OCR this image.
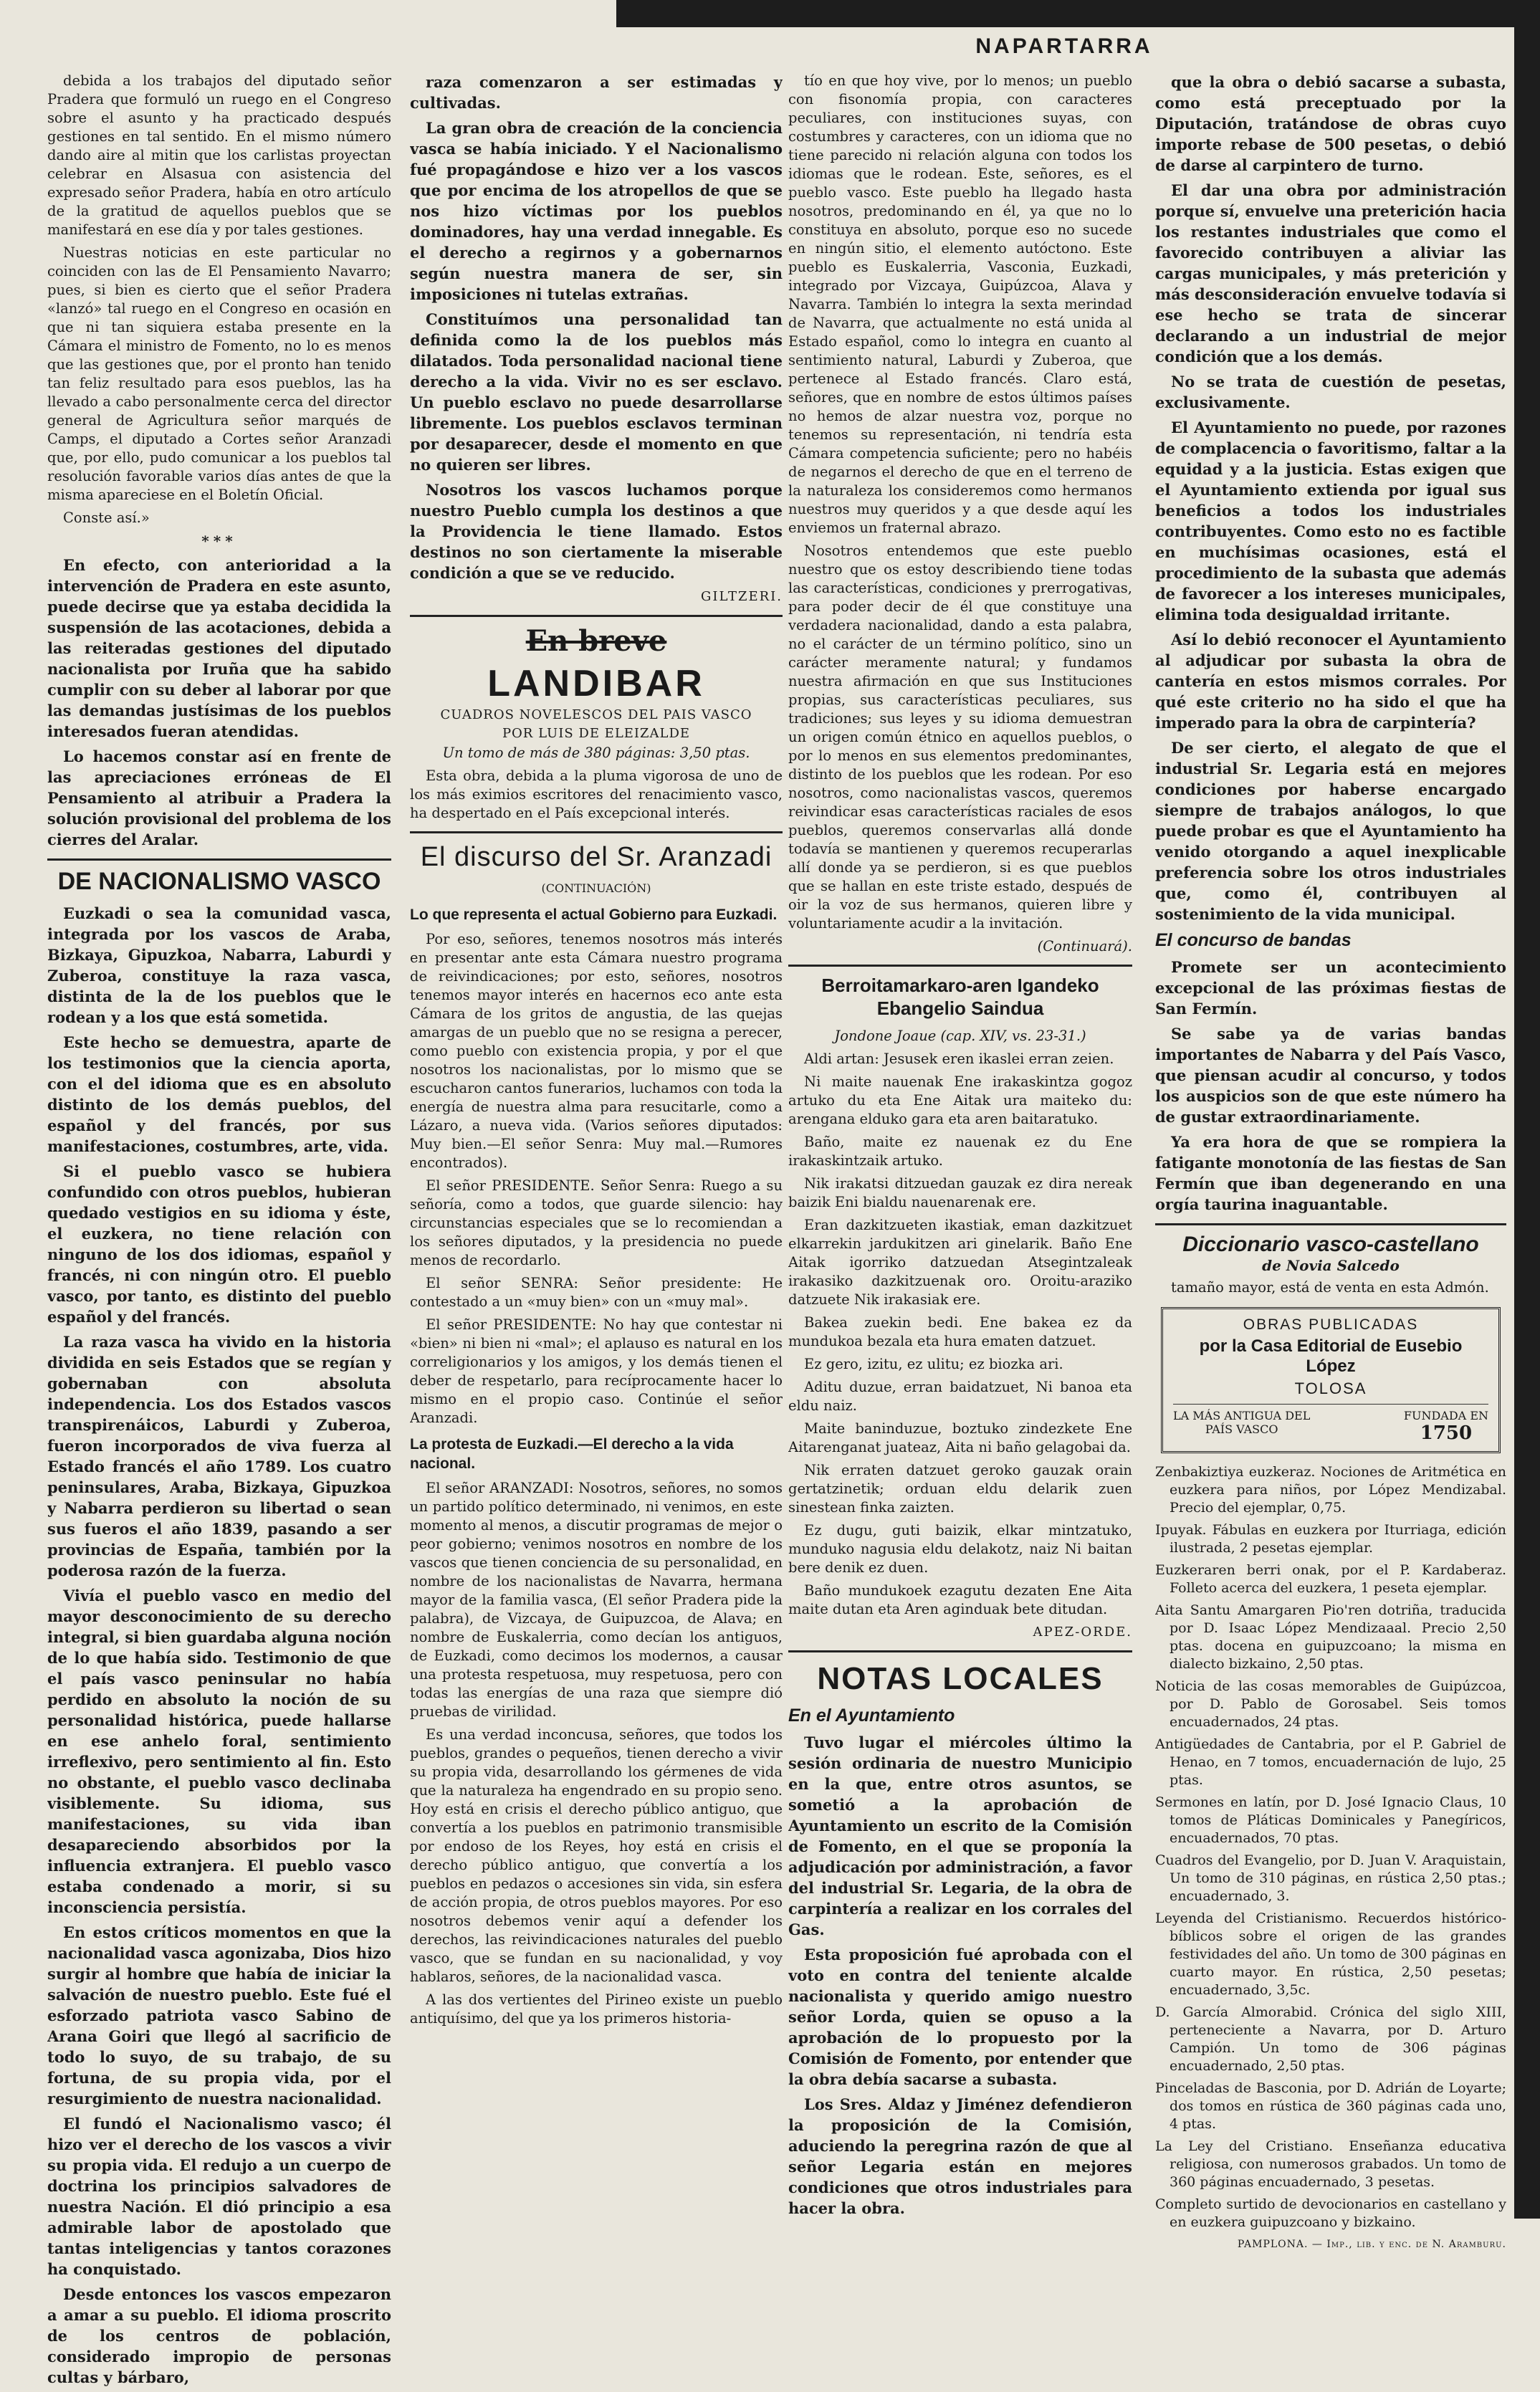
NAPARTARRA

debida a los trabajos del diputado señor Pradera que formuló un ruego en el Congreso sobre el asunto y ha practicado después gestiones en tal sentido. En el mismo número dando aire al mitin que los carlistas proyectan celebrar en Alsasua con asistencia del expresado señor Pradera, había en otro artículo de la gratitud de aquellos pueblos que se manifestará en ese día y por tales gestiones.

Nuestras noticias en este particular no coinciden con las de El Pensamiento Navarro; pues, si bien es cierto que el señor Pradera «lanzó» tal ruego en el Congreso en ocasión en que ni tan siquiera estaba presente en la Cámara el ministro de Fomento, no lo es menos que las gestiones que, por el pronto han tenido tan feliz resultado para esos pueblos, las ha llevado a cabo personalmente cerca del director general de Agricultura señor marqués de Camps, el diputado a Cortes señor Aranzadi que, por ello, pudo comunicar a los pueblos tal resolución favorable varios días antes de que la misma apareciese en el Boletín Oficial.

Conste así.»

***

En efecto, con anterioridad a la intervención de Pradera en este asunto, puede decirse que ya estaba decidida la suspensión de las acotaciones, debida a las reiteradas gestiones del diputado nacionalista por Iruña que ha sabido cumplir con su deber al laborar por que las demandas justísimas de los pueblos interesados fueran atendidas.

Lo hacemos constar así en frente de las apreciaciones erróneas de El Pensamiento al atribuir a Pradera la solución provisional del problema de los cierres del Aralar.

DE NACIONALISMO VASCO

Euzkadi o sea la comunidad vasca, integrada por los vascos de Araba, Bizkaya, Gipuzkoa, Nabarra, Laburdi y Zuberoa, constituye la raza vasca, distinta de la de los pueblos que le rodean y a los que está sometida.

Este hecho se demuestra, aparte de los testimonios que la ciencia aporta, con el del idioma que es en absoluto distinto de los demás pueblos, del español y del francés, por sus manifestaciones, costumbres, arte, vida.

Si el pueblo vasco se hubiera confundido con otros pueblos, hubieran quedado vestigios en su idioma y éste, el euzkera, no tiene relación con ninguno de los dos idiomas, español y francés, ni con ningún otro. El pueblo vasco, por tanto, es distinto del pueblo español y del francés.

La raza vasca ha vivido en la historia dividida en seis Estados que se regían y gobernaban con absoluta independencia. Los dos Estados vascos transpirenáicos, Laburdi y Zuberoa, fueron incorporados de viva fuerza al Estado francés el año 1789. Los cuatro peninsulares, Araba, Bizkaya, Gipuzkoa y Nabarra perdieron su libertad o sean sus fueros el año 1839, pasando a ser provincias de España, también por la poderosa razón de la fuerza.

Vivía el pueblo vasco en medio del mayor desconocimiento de su derecho integral, si bien guardaba alguna noción de lo que había sido. Testimonio de que el país vasco peninsular no había perdido en absoluto la noción de su personalidad histórica, puede hallarse en ese anhelo foral, sentimiento irreflexivo, pero sentimiento al fin. Esto no obstante, el pueblo vasco declinaba visiblemente. Su idioma, sus manifestaciones, su vida iban desapareciendo absorbidos por la influencia extranjera. El pueblo vasco estaba condenado a morir, si su inconsciencia persistía.

En estos críticos momentos en que la nacionalidad vasca agonizaba, Dios hizo surgir al hombre que había de iniciar la salvación de nuestro pueblo. Este fué el esforzado patriota vasco Sabino de Arana Goiri que llegó al sacrificio de todo lo suyo, de su trabajo, de su fortuna, de su propia vida, por el resurgimiento de nuestra nacionalidad.

El fundó el Nacionalismo vasco; él hizo ver el derecho de los vascos a vivir su propia vida. El redujo a un cuerpo de doctrina los principios salvadores de nuestra Nación. El dió principio a esa admirable labor de apostolado que tantas inteligencias y tantos corazones ha conquistado.

Desde entonces los vascos empezaron a amar a su pueblo. El idioma proscrito de los centros de población, considerado impropio de personas cultas y bárbaro,

raza comenzaron a ser estimadas y cultivadas.

La gran obra de creación de la conciencia vasca se había iniciado. Y el Nacionalismo fué propagándose e hizo ver a los vascos que por encima de los atropellos de que se nos hizo víctimas por los pueblos dominadores, hay una verdad innegable. Es el derecho a regirnos y a gobernarnos según nuestra manera de ser, sin imposiciones ni tutelas extrañas.

Constituímos una personalidad tan definida como la de los pueblos más dilatados. Toda personalidad nacional tiene derecho a la vida. Vivir no es ser esclavo. Un pueblo esclavo no puede desarrollarse libremente. Los pueblos esclavos terminan por desaparecer, desde el momento en que no quieren ser libres.

Nosotros los vascos luchamos porque nuestro Pueblo cumpla los destinos a que la Providencia le tiene llamado. Estos destinos no son ciertamente la miserable condición a que se ve reducido.

GILTZERI.

En breve
LANDIBAR

CUADROS NOVELESCOS DEL PAIS VASCO

POR LUIS DE ELEIZALDE

Un tomo de más de 380 páginas: 3,50 ptas.

Esta obra, debida a la pluma vigorosa de uno de los más eximios escritores del renacimiento vasco, ha despertado en el País excepcional interés.

El discurso del Sr. Aranzadi

(CONTINUACIÓN)

Lo que representa el actual Gobierno para Euzkadi.

Por eso, señores, tenemos nosotros más interés en presentar ante esta Cámara nuestro programa de reivindicaciones; por esto, señores, nosotros tenemos mayor interés en hacernos eco ante esta Cámara de los gritos de angustia, de las quejas amargas de un pueblo que no se resigna a perecer, como pueblo con existencia propia, y por el que nosotros los nacionalistas, por lo mismo que se escucharon cantos funerarios, luchamos con toda la energía de nuestra alma para resucitarle, como a Lázaro, a nueva vida. (Varios señores diputados: Muy bien.—El señor Senra: Muy mal.—Rumores encontrados).

El señor PRESIDENTE. Señor Senra: Ruego a su señoría, como a todos, que guarde silencio: hay circunstancias especiales que se lo recomiendan a los señores diputados, y la presidencia no puede menos de recordarlo.

El señor SENRA: Señor presidente: He contestado a un «muy bien» con un «muy mal».

El señor PRESIDENTE: No hay que contestar ni «bien» ni bien ni «mal»; el aplauso es natural en los correligionarios y los amigos, y los demás tienen el deber de respetarlo, para recíprocamente hacer lo mismo en el propio caso. Continúe el señor Aranzadi.

La protesta de Euzkadi.—El derecho a la vida nacional.

El señor ARANZADI: Nosotros, señores, no somos un partido político determinado, ni venimos, en este momento al menos, a discutir programas de mejor o peor gobierno; venimos nosotros en nombre de los vascos que tienen conciencia de su personalidad, en nombre de los nacionalistas de Navarra, hermana mayor de la familia vasca, (El señor Pradera pide la palabra), de Vizcaya, de Guipuzcoa, de Alava; en nombre de Euskalerria, como decían los antiguos, de Euzkadi, como decimos los modernos, a causar una protesta respetuosa, muy respetuosa, pero con todas las energías de una raza que siempre dió pruebas de virilidad.

Es una verdad inconcusa, señores, que todos los pueblos, grandes o pequeños, tienen derecho a vivir su propia vida, desarrollando los gérmenes de vida que la naturaleza ha engendrado en su propio seno. Hoy está en crisis el derecho público antiguo, que convertía a los pueblos en patrimonio transmisible por endoso de los Reyes, hoy está en crisis el derecho público antiguo, que convertía a los pueblos en pedazos o accesiones sin vida, sin esfera de acción propia, de otros pueblos mayores. Por eso nosotros debemos venir aquí a defender los derechos, las reivindicaciones naturales del pueblo vasco, que se fundan en su nacionalidad, y voy hablaros, señores, de la nacionalidad vasca.

A las dos vertientes del Pirineo existe un pueblo antiquísimo, del que ya los primeros historia-

tío en que hoy vive, por lo menos; un pueblo con fisonomía propia, con caracteres peculiares, con instituciones suyas, con costumbres y caracteres, con un idioma que no tiene parecido ni relación alguna con todos los idiomas que le rodean. Este, señores, es el pueblo vasco. Este pueblo ha llegado hasta nosotros, predominando en él, ya que no lo constituya en absoluto, porque eso no sucede en ningún sitio, el elemento autóctono. Este pueblo es Euskalerria, Vasconia, Euzkadi, integrado por Vizcaya, Guipúzcoa, Alava y Navarra. También lo integra la sexta merindad de Navarra, que actualmente no está unida al Estado español, como lo integra en cuanto al sentimiento natural, Laburdi y Zuberoa, que pertenece al Estado francés. Claro está, señores, que en nombre de estos últimos países no hemos de alzar nuestra voz, porque no tenemos su representación, ni tendría esta Cámara competencia suficiente; pero no habéis de negarnos el derecho de que en el terreno de la naturaleza los consideremos como hermanos nuestros muy queridos y a que desde aquí les enviemos un fraternal abrazo.

Nosotros entendemos que este pueblo nuestro que os estoy describiendo tiene todas las características, condiciones y prerrogativas, para poder decir de él que constituye una verdadera nacionalidad, dando a esta palabra, no el carácter de un término político, sino un carácter meramente natural; y fundamos nuestra afirmación en que sus Instituciones propias, sus características peculiares, sus tradiciones; sus leyes y su idioma demuestran un origen común étnico en aquellos pueblos, o por lo menos en sus elementos predominantes, distinto de los pueblos que les rodean. Por eso nosotros, como nacionalistas vascos, queremos reivindicar esas características raciales de esos pueblos, queremos conservarlas allá donde todavía se mantienen y queremos recuperarlas allí donde ya se perdieron, si es que pueblos que se hallan en este triste estado, después de oir la voz de sus hermanos, quieren libre y voluntariamente acudir a la invitación.

(Continuará).

Berroitamarkaro-aren Igandeko Ebangelio Saindua

Jondone Joaue (cap. XIV, vs. 23-31.)

Aldi artan: Jesusek eren ikaslei erran zeien.

Ni maite nauenak Ene irakaskintza gogoz artuko du eta Ene Aitak ura maiteko du: arengana elduko gara eta aren baitaratuko.

Baño, maite ez nauenak ez du Ene irakaskintzaik artuko.

Nik irakatsi ditzuedan gauzak ez dira nereak baizik Eni bialdu nauenarenak ere.

Eran dazkitzueten ikastiak, eman dazkitzuet elkarrekin jardukitzen ari ginelarik. Baño Ene Aitak igorriko datzuedan Atsegintzaleak irakasiko dazkitzuenak oro. Oroitu-araziko datzuete Nik irakasiak ere.

Bakea zuekin bedi. Ene bakea ez da mundukoa bezala eta hura ematen datzuet.

Ez gero, izitu, ez ulitu; ez biozka ari.

Aditu duzue, erran baidatzuet, Ni banoa eta eldu naiz.

Maite baninduzue, boztuko zindezkete Ene Aitarenganat juateaz, Aita ni baño gelagobai da.

Nik erraten datzuet geroko gauzak orain gertatzinetik; orduan eldu delarik zuen sinestean finka zaizten.

Ez dugu, guti baizik, elkar mintzatuko, munduko nagusia eldu delakotz, naiz Ni baitan bere denik ez duen.

Baño mundukoek ezagutu dezaten Ene Aita maite dutan eta Aren aginduak bete ditudan.

APEZ-ORDE.

NOTAS LOCALES
En el Ayuntamiento

Tuvo lugar el miércoles último la sesión ordinaria de nuestro Municipio en la que, entre otros asuntos, se sometió a la aprobación de Ayuntamiento un escrito de la Comisión de Fomento, en el que se proponía la adjudicación por administración, a favor del industrial Sr. Legaria, de la obra de carpintería a realizar en los corrales del Gas.

Esta proposición fué aprobada con el voto en contra del teniente alcalde nacionalista y querido amigo nuestro señor Lorda, quien se opuso a la aprobación de lo propuesto por la Comisión de Fomento, por entender que la obra debía sacarse a subasta.

Los Sres. Aldaz y Jiménez defendieron la proposición de la Comisión, aduciendo la peregrina razón de que al señor Legaria están en mejores condiciones que otros industriales para hacer la obra.

que la obra o debió sacarse a subasta, como está preceptuado por la Diputación, tratándose de obras cuyo importe rebase de 500 pesetas, o debió de darse al carpintero de turno.

El dar una obra por administración porque sí, envuelve una preterición hacia los restantes industriales que como el favorecido contribuyen a aliviar las cargas municipales, y más preterición y más desconsideración envuelve todavía si ese hecho se trata de sincerar declarando a un industrial de mejor condición que a los demás.

No se trata de cuestión de pesetas, exclusivamente.

El Ayuntamiento no puede, por razones de complacencia o favoritismo, faltar a la equidad y a la justicia. Estas exigen que el Ayuntamiento extienda por igual sus beneficios a todos los industriales contribuyentes. Como esto no es factible en muchísimas ocasiones, está el procedimiento de la subasta que además de favorecer a los intereses municipales, elimina toda desigualdad irritante.

Así lo debió reconocer el Ayuntamiento al adjudicar por subasta la obra de cantería en estos mismos corrales. Por qué este criterio no ha sido el que ha imperado para la obra de carpintería?

De ser cierto, el alegato de que el industrial Sr. Legaria está en mejores condiciones por haberse encargado siempre de trabajos análogos, lo que puede probar es que el Ayuntamiento ha venido otorgando a aquel inexplicable preferencia sobre los otros industriales que, como él, contribuyen al sostenimiento de la vida municipal.

El concurso de bandas

Promete ser un acontecimiento excepcional de las próximas fiestas de San Fermín.

Se sabe ya de varias bandas importantes de Nabarra y del País Vasco, que piensan acudir al concurso, y todos los auspicios son de que este número ha de gustar extraordinariamente.

Ya era hora de que se rompiera la fatigante monotonía de las fiestas de San Fermín que iban degenerando en una orgía taurina inaguantable.

Diccionario vasco-castellano
de Novia Salcedo

tamaño mayor, está de venta en esta Admón.

OBRAS PUBLICADAS
por la Casa Editorial de Eusebio López
TOLOSA
LA MÁS ANTIGUA DEL
PAÍS VASCO
FUNDADA EN
1750

Zenbakiztiya euzkeraz. Nociones de Aritmética en euzkera para niños, por López Mendizabal. Precio del ejemplar, 0,75.

Ipuyak. Fábulas en euzkera por Iturriaga, edición ilustrada, 2 pesetas ejemplar.

Euzkeraren berri onak, por el P. Kardaberaz. Folleto acerca del euzkera, 1 peseta ejemplar.

Aita Santu Amargaren Pio'ren dotriña, traducida por D. Isaac López Mendizaaal. Precio 2,50 ptas. docena en guipuzcoano; la misma en dialecto bizkaino, 2,50 ptas.

Noticia de las cosas memorables de Guipúzcoa, por D. Pablo de Gorosabel. Seis tomos encuadernados, 24 ptas.

Antigüedades de Cantabria, por el P. Gabriel de Henao, en 7 tomos, encuadernación de lujo, 25 ptas.

Sermones en latín, por D. José Ignacio Claus, 10 tomos de Pláticas Dominicales y Panegíricos, encuadernados, 70 ptas.

Cuadros del Evangelio, por D. Juan V. Araquistain, Un tomo de 310 páginas, en rústica 2,50 ptas.; encuadernado, 3.

Leyenda del Cristianismo. Recuerdos histórico-bíblicos sobre el origen de las grandes festividades del año. Un tomo de 300 páginas en cuarto mayor. En rústica, 2,50 pesetas; encuadernado, 3,5c.

D. García Almorabid. Crónica del siglo XIII, perteneciente a Navarra, por D. Arturo Campión. Un tomo de 306 páginas encuadernado, 2,50 ptas.

Pinceladas de Basconia, por D. Adrián de Loyarte; dos tomos en rústica de 360 páginas cada uno, 4 ptas.

La Ley del Cristiano. Enseñanza educativa religiosa, con numerosos grabados. Un tomo de 360 páginas encuadernado, 3 pesetas.

Completo surtido de devocionarios en castellano y en euzkera guipuzcoano y bizkaino.

PAMPLONA. — Imp., lib. y enc. de N. Aramburu.
